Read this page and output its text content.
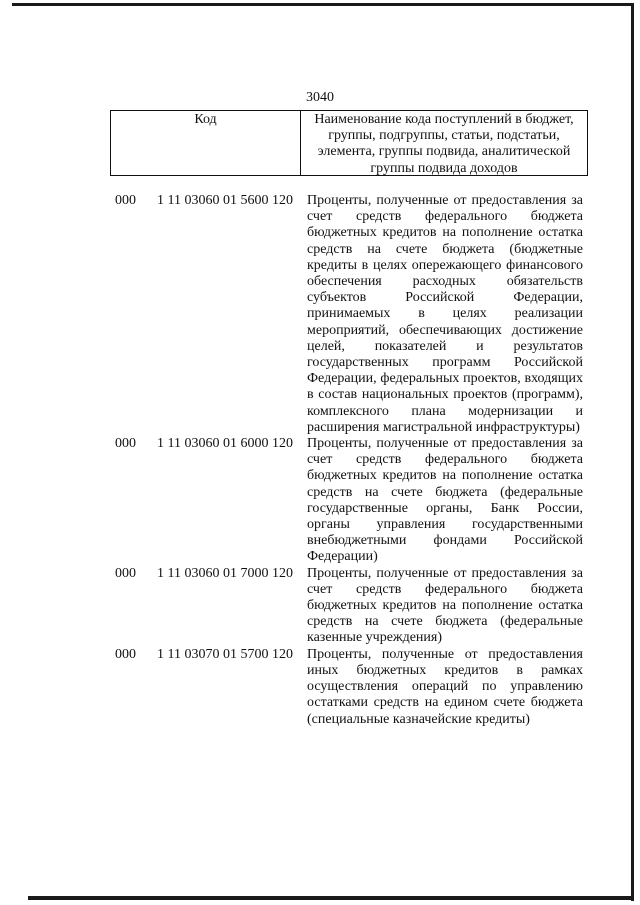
3040
Код	Наименование кода поступлений в бюджет, группы, подгруппы, статьи, подстатьи, элемента, группы подвида, аналитической группы подвида доходов
000 1 11 03060 01 5600 120 Проценты, полученные от предоставления за счет средств федерального бюджета бюджетных кредитов на пополнение остатка средств на счете бюджета (бюджетные кредиты в целях опережающего финансового обеспечения расходных обязательств субъектов Российской Федерации, принимаемых в целях реализации мероприятий, обеспечивающих достижение целей, показателей и результатов государственных программ Российской Федерации, федеральных проектов, входящих в состав национальных проектов (программ), комплексного плана модернизации и расширения магистральной инфраструктуры)
000 1 11 03060 01 6000 120 Проценты, полученные от предоставления за счет средств федерального бюджета бюджетных кредитов на пополнение остатка средств на счете бюджета (федеральные государственные органы, Банк России, органы управления государственными внебюджетными фондами Российской Федерации)
000 1 11 03060 01 7000 120 Проценты, полученные от предоставления за счет средств федерального бюджета бюджетных кредитов на пополнение остатка средств на счете бюджета (федеральные казенные учреждения)
000 1 11 03070 01 5700 120 Проценты, полученные от предоставления иных бюджетных кредитов в рамках осуществления операций по управлению остатками средств на едином счете бюджета (специальные казначейские кредиты)
